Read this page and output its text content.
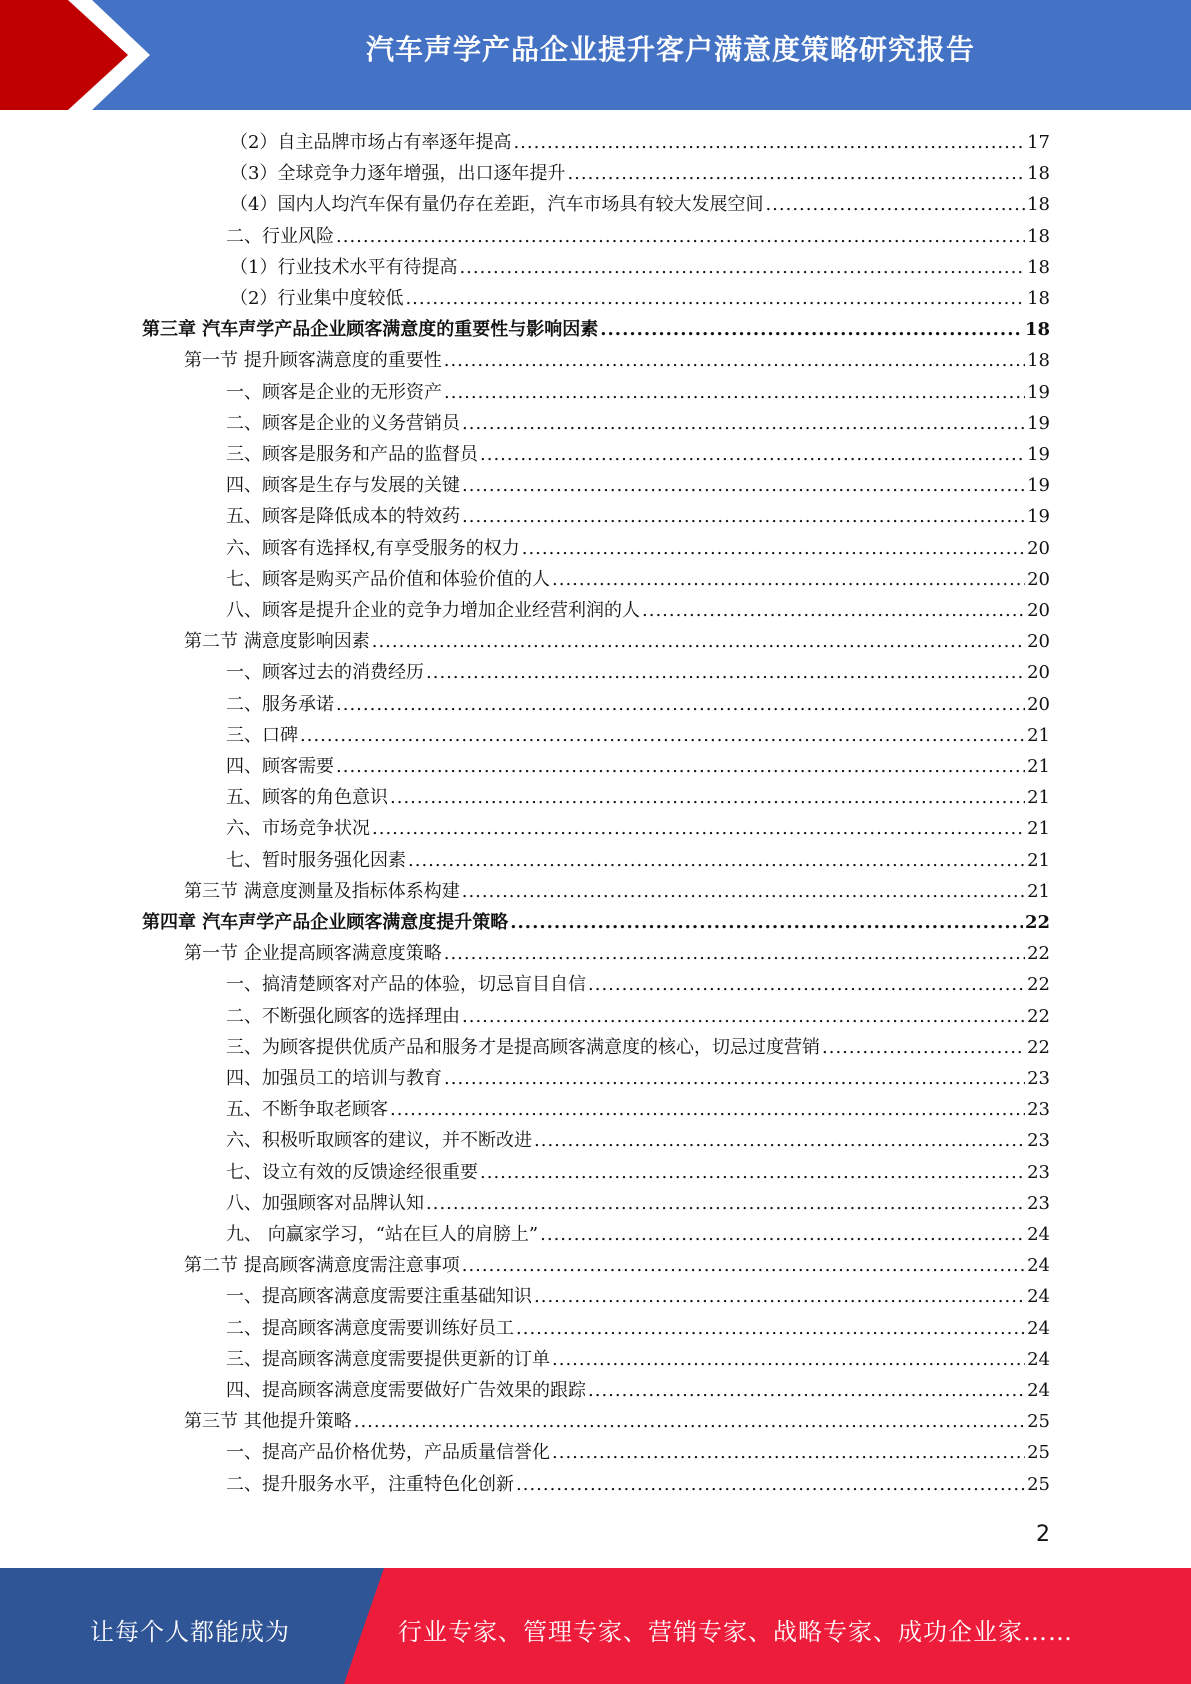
汽车声学产品企业提升客户满意度策略研究报告
（2）自主品牌市场占有率逐年提高 .....	17
（3）全球竞争力逐年增强，出口逐年提升 .....	18
（4）国内人均汽车保有量仍存在差距，汽车市场具有较大发展空间 .....	18
二、行业风险 .....	18
（1）行业技术水平有待提高 .....	18
（2）行业集中度较低 .....	18
第三章 汽车声学产品企业顾客满意度的重要性与影响因素 .....	18
第一节 提升顾客满意度的重要性 .....	18
一、顾客是企业的无形资产 .....	19
二、顾客是企业的义务营销员 .....	19
三、顾客是服务和产品的监督员 .....	19
四、顾客是生存与发展的关键 .....	19
五、顾客是降低成本的特效药 .....	19
六、顾客有选择权,有享受服务的权力 .....	20
七、顾客是购买产品价值和体验价值的人 .....	20
八、顾客是提升企业的竞争力增加企业经营利润的人 .....	20
第二节 满意度影响因素 .....	20
一、顾客过去的消费经历 .....	20
二、服务承诺 .....	20
三、口碑 .....	21
四、顾客需要 .....	21
五、顾客的角色意识 .....	21
六、市场竞争状况 .....	21
七、暂时服务强化因素 .....	21
第三节 满意度测量及指标体系构建 .....	21
第四章 汽车声学产品企业顾客满意度提升策略 .....	22
第一节 企业提高顾客满意度策略 .....	22
一、搞清楚顾客对产品的体验，切忌盲目自信 .....	22
二、不断强化顾客的选择理由 .....	22
三、为顾客提供优质产品和服务才是提高顾客满意度的核心，切忌过度营销 .....	22
四、加强员工的培训与教育 .....	23
五、不断争取老顾客 .....	23
六、积极听取顾客的建议，并不断改进 .....	23
七、设立有效的反馈途经很重要 .....	23
八、加强顾客对品牌认知 .....	23
九、 向赢家学习，“站在巨人的肩膀上” .....	24
第二节 提高顾客满意度需注意事项 .....	24
一、提高顾客满意度需要注重基础知识 .....	24
二、提高顾客满意度需要训练好员工 .....	24
三、提高顾客满意度需要提供更新的订单 .....	24
四、提高顾客满意度需要做好广告效果的跟踪 .....	24
第三节 其他提升策略 .....	25
一、提高产品价格优势，产品质量信誉化 .....	25
二、提升服务水平，注重特色化创新 .....	25
2
让每个人都能成为	行业专家、管理专家、营销专家、战略专家、成功企业家……
